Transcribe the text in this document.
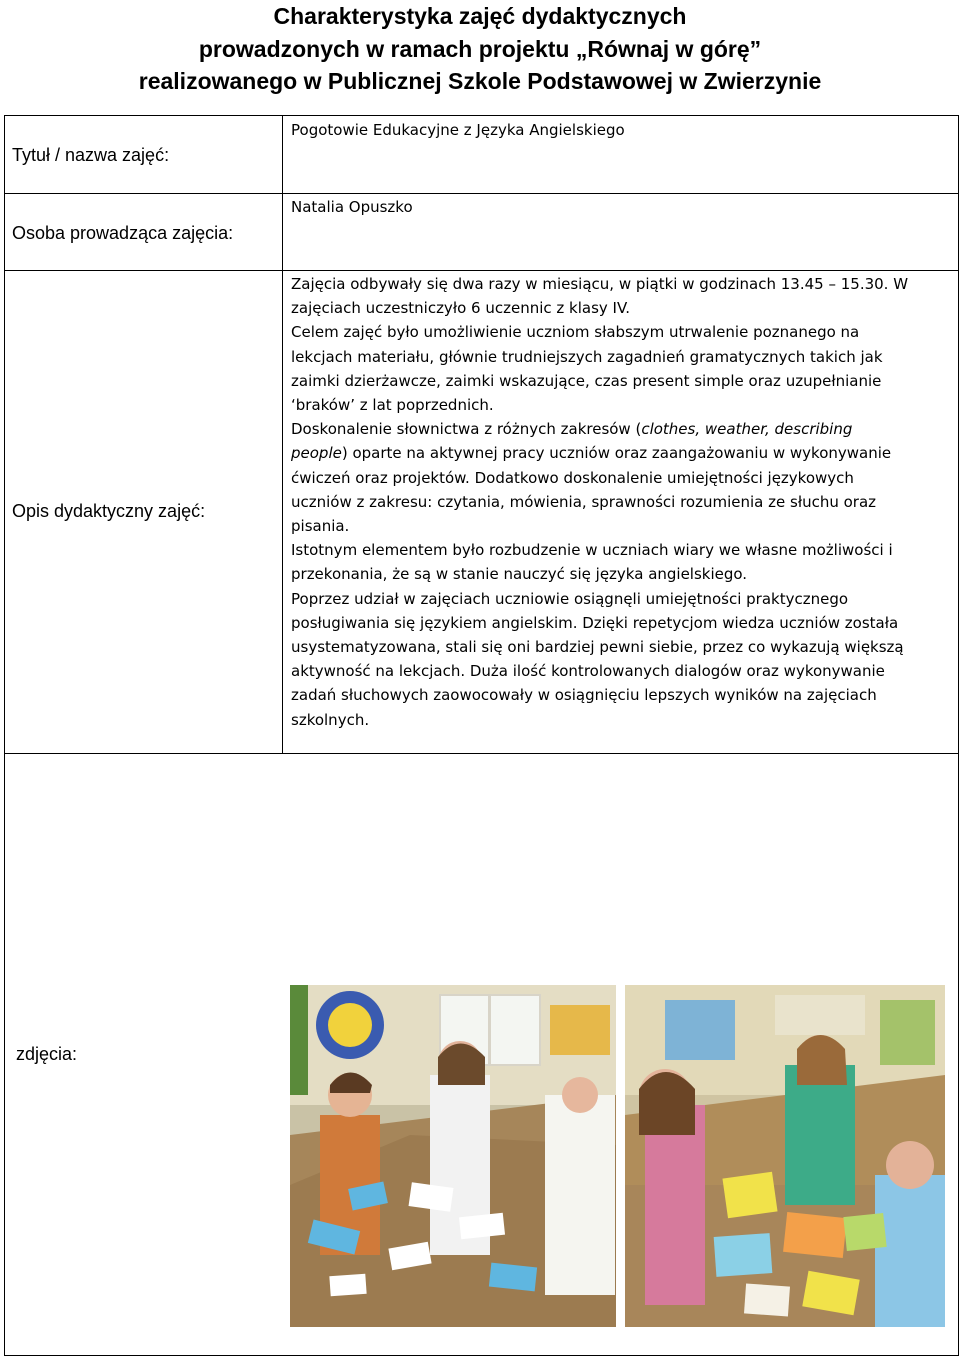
Charakterystyka zajęć dydaktycznych
prowadzonych w ramach projektu „Równaj w górę”
realizowanego w Publicznej Szkole Podstawowej w Zwierzynie
Tytuł / nazwa zajęć:
Pogotowie Edukacyjne z Języka Angielskiego
Osoba prowadząca zajęcia:
Natalia Opuszko
Opis dydaktyczny zajęć:
Zajęcia odbywały się dwa razy w miesiącu, w piątki w godzinach 13.45 – 15.30. W
zajęciach uczestniczyło 6 uczennic z klasy IV.
Celem zajęć było umożliwienie uczniom słabszym utrwalenie poznanego na
lekcjach materiału, głównie trudniejszych zagadnień gramatycznych takich jak
zaimki dzierżawcze, zaimki wskazujące, czas present simple oraz uzupełnianie
‘braków’ z lat poprzednich.
Doskonalenie słownictwa z różnych zakresów (clothes, weather, describing
people) oparte na aktywnej pracy uczniów oraz zaangażowaniu w wykonywanie
ćwiczeń oraz projektów. Dodatkowo doskonalenie umiejętności językowych
uczniów z zakresu: czytania, mówienia, sprawności rozumienia ze słuchu oraz
pisania.
Istotnym elementem było rozbudzenie w uczniach wiary we własne możliwości i
przekonania, że są w stanie nauczyć się języka angielskiego.
Poprzez udział w zajęciach uczniowie osiągnęli umiejętności praktycznego
posługiwania się językiem angielskim. Dzięki repetycjom wiedza uczniów została
usystematyzowana, stali się oni bardziej pewni siebie, przez co wykazują większą
aktywność na lekcjach. Duża ilość kontrolowanych dialogów oraz wykonywanie
zadań słuchowych zaowocowały w osiągnięciu lepszych wyników na zajęciach
szkolnych.
zdjęcia:
